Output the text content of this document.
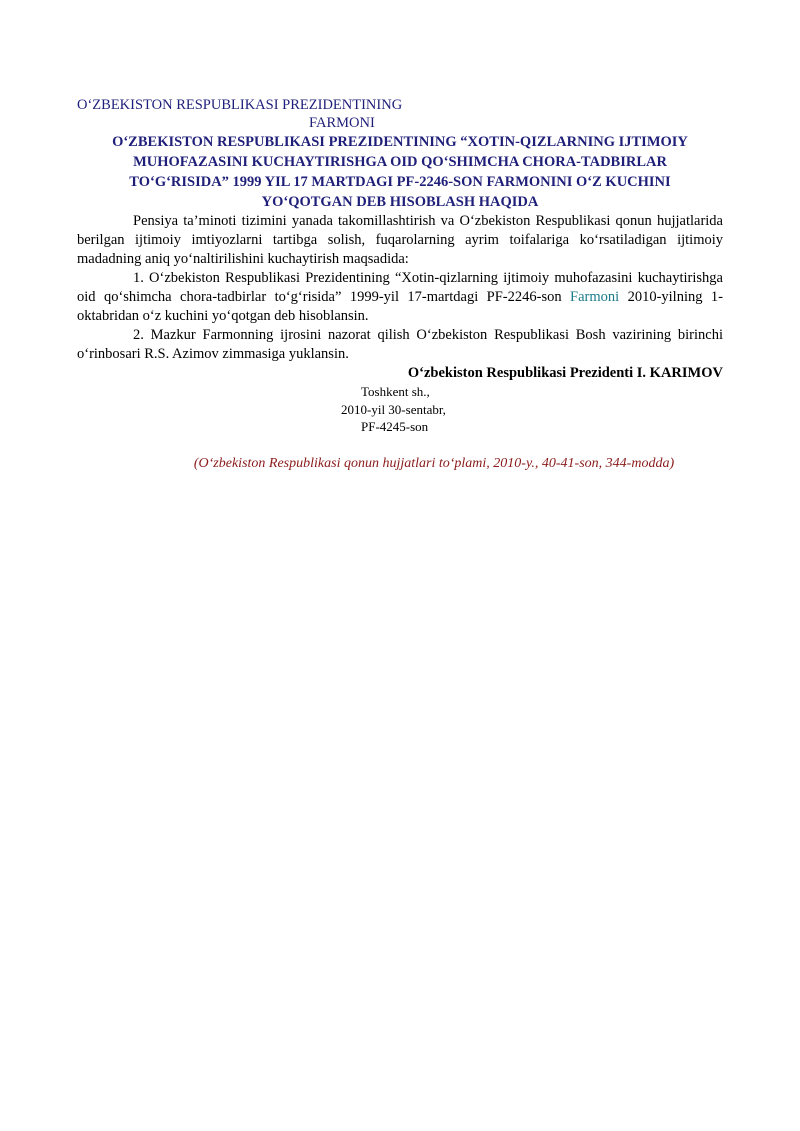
O‘ZBEKISTON RESPUBLIKASI PREZIDENTINING

FARMONI

O‘ZBEKISTON RESPUBLIKASI PREZIDENTINING “XOTIN-QIZLARNING IJTIMOIY

MUHOFAZASINI KUCHAYTIRISHGA OID QO‘SHIMCHA CHORA-TADBIRLAR

TO‘G‘RISIDA” 1999 YIL 17 MARTDAGI PF-2246-SON FARMONINI O‘Z KUCHINI

YO‘QOTGAN DEB HISOBLASH HAQIDA

Pensiya ta’minoti tizimini yanada takomillashtirish va O‘zbekiston Respublikasi qonun hujjatlarida berilgan ijtimoiy imtiyozlarni tartibga solish, fuqarolarning ayrim toifalariga ko‘rsatiladigan ijtimoiy madadning aniq yo‘naltirilishini kuchaytirish maqsadida:

1. O‘zbekiston Respublikasi Prezidentining “Xotin-qizlarning ijtimoiy muhofazasini kuchaytirishga oid qo‘shimcha chora-tadbirlar to‘g‘risida” 1999-yil 17-martdagi PF-2246-son Farmoni 2010-yilning 1-oktabridan o‘z kuchini yo‘qotgan deb hisoblansin.

2. Mazkur Farmonning ijrosini nazorat qilish O‘zbekiston Respublikasi Bosh vazirining birinchi o‘rinbosari R.S. Azimov zimmasiga yuklansin.

O‘zbekiston Respublikasi Prezidenti I. KARIMOV

Toshkent sh.,

2010-yil 30-sentabr,

PF-4245-son

(O‘zbekiston Respublikasi qonun hujjatlari to‘plami, 2010-y., 40-41-son, 344-modda)
